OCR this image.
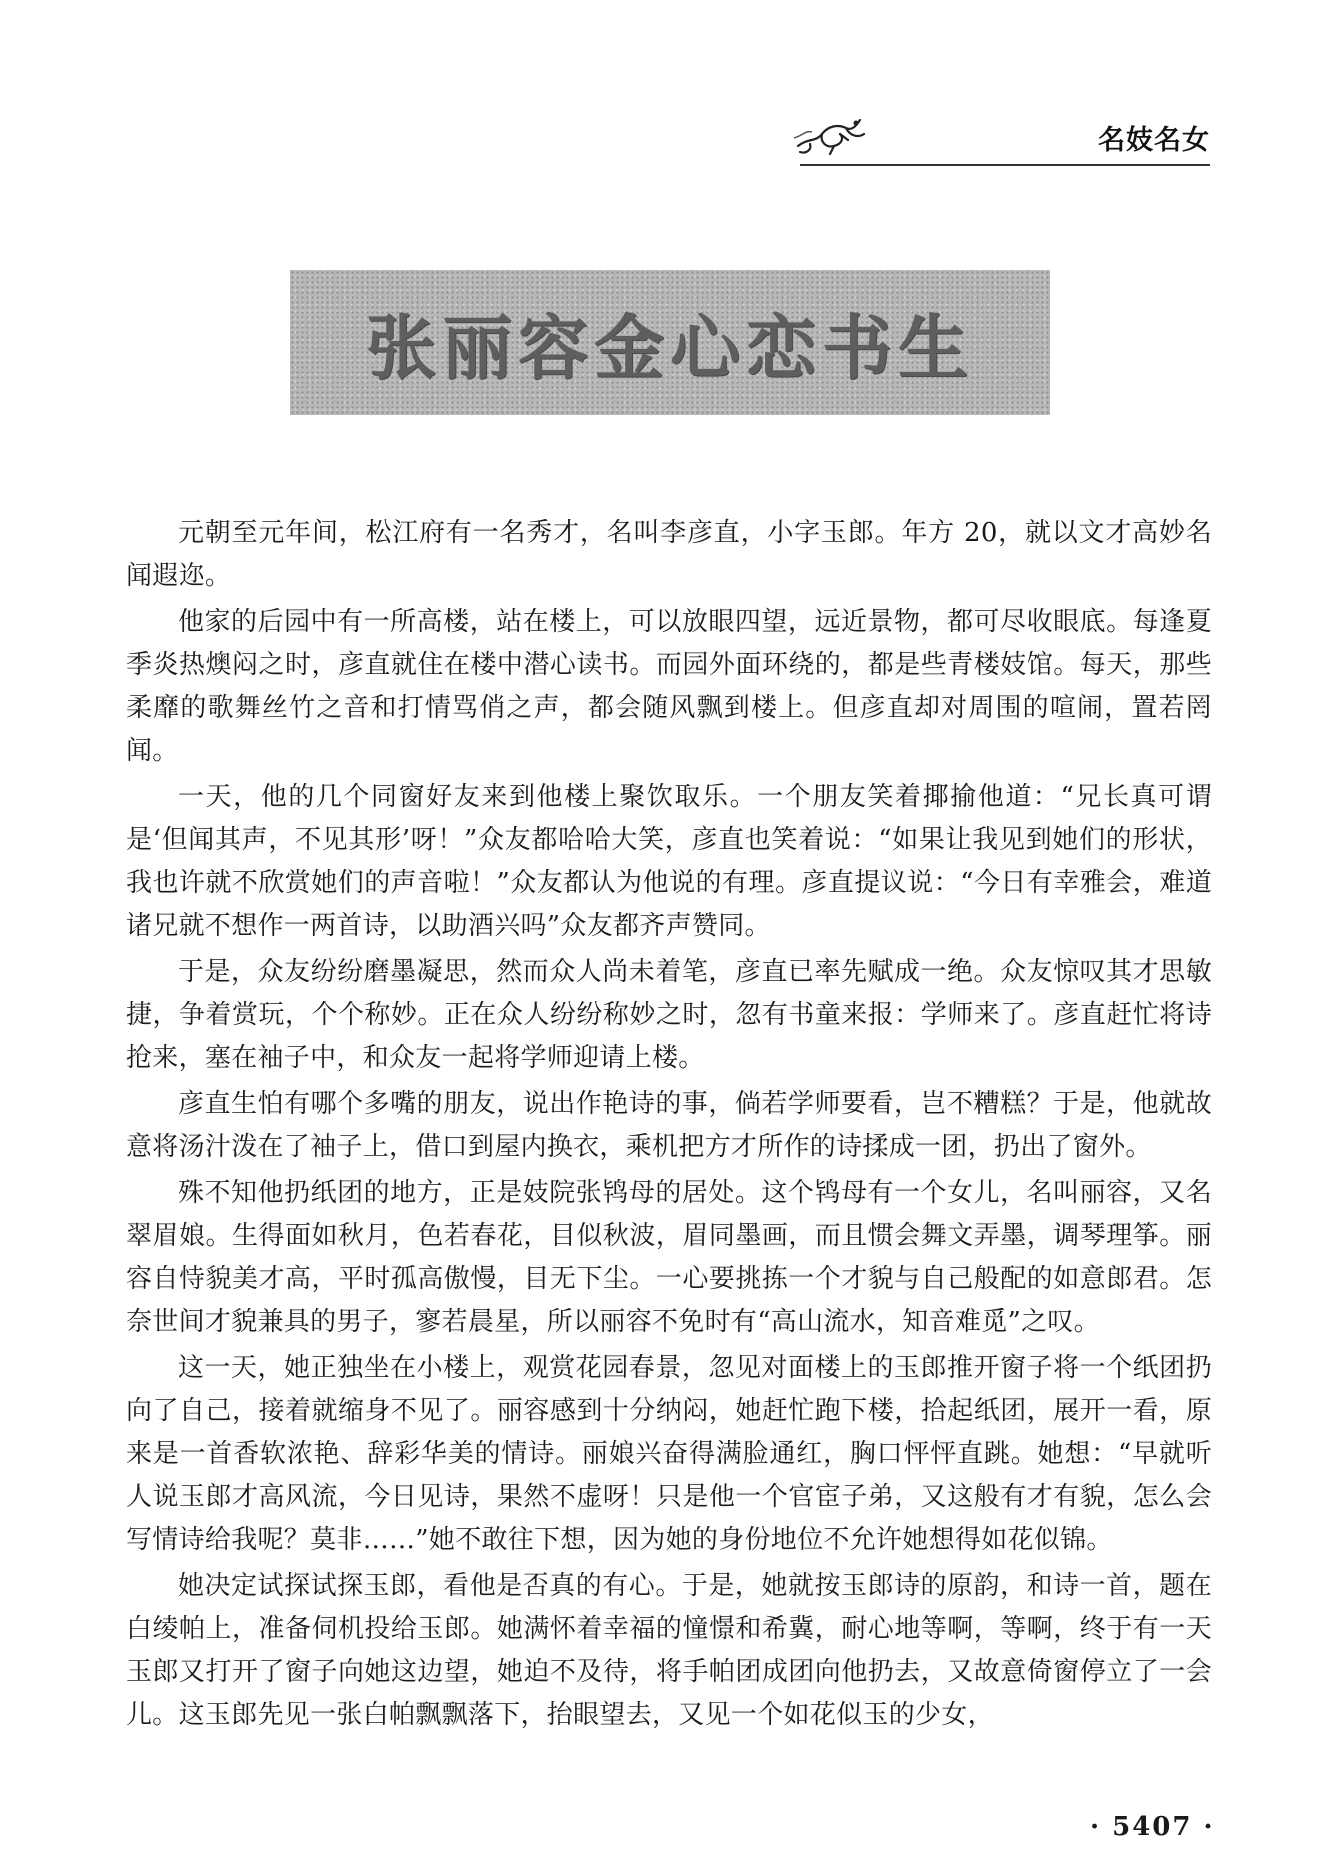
名妓名女
张丽容金心恋书生

元朝至元年间，松江府有一名秀才，名叫李彦直，小字玉郎。年方 20，就以文才高妙名闻遐迩。

他家的后园中有一所高楼，站在楼上，可以放眼四望，远近景物，都可尽收眼底。每逢夏季炎热燠闷之时，彦直就住在楼中潜心读书。而园外面环绕的，都是些青楼妓馆。每天，那些柔靡的歌舞丝竹之音和打情骂俏之声，都会随风飘到楼上。但彦直却对周围的喧闹，置若罔闻。

一天，他的几个同窗好友来到他楼上聚饮取乐。一个朋友笑着揶揄他道：“兄长真可谓是‘但闻其声，不见其形’呀！”众友都哈哈大笑，彦直也笑着说：“如果让我见到她们的形状，我也许就不欣赏她们的声音啦！”众友都认为他说的有理。彦直提议说：“今日有幸雅会，难道诸兄就不想作一两首诗，以助酒兴吗”众友都齐声赞同。

于是，众友纷纷磨墨凝思，然而众人尚未着笔，彦直已率先赋成一绝。众友惊叹其才思敏捷，争着赏玩，个个称妙。正在众人纷纷称妙之时，忽有书童来报：学师来了。彦直赶忙将诗抢来，塞在袖子中，和众友一起将学师迎请上楼。

彦直生怕有哪个多嘴的朋友，说出作艳诗的事，倘若学师要看，岂不糟糕？于是，他就故意将汤汁泼在了袖子上，借口到屋内换衣，乘机把方才所作的诗揉成一团，扔出了窗外。

殊不知他扔纸团的地方，正是妓院张鸨母的居处。这个鸨母有一个女儿，名叫丽容，又名翠眉娘。生得面如秋月，色若春花，目似秋波，眉同墨画，而且惯会舞文弄墨，调琴理筝。丽容自恃貌美才高，平时孤高傲慢，目无下尘。一心要挑拣一个才貌与自己般配的如意郎君。怎奈世间才貌兼具的男子，寥若晨星，所以丽容不免时有“高山流水，知音难觅”之叹。

这一天，她正独坐在小楼上，观赏花园春景，忽见对面楼上的玉郎推开窗子将一个纸团扔向了自己，接着就缩身不见了。丽容感到十分纳闷，她赶忙跑下楼，拾起纸团，展开一看，原来是一首香软浓艳、辞彩华美的情诗。丽娘兴奋得满脸通红，胸口怦怦直跳。她想：“早就听人说玉郎才高风流，今日见诗，果然不虚呀！只是他一个官宦子弟，又这般有才有貌，怎么会写情诗给我呢？莫非……”她不敢往下想，因为她的身份地位不允许她想得如花似锦。

她决定试探试探玉郎，看他是否真的有心。于是，她就按玉郎诗的原韵，和诗一首，题在白绫帕上，准备伺机投给玉郎。她满怀着幸福的憧憬和希冀，耐心地等啊，等啊，终于有一天玉郎又打开了窗子向她这边望，她迫不及待，将手帕团成团向他扔去，又故意倚窗停立了一会儿。这玉郎先见一张白帕飘飘落下，抬眼望去，又见一个如花似玉的少女，

· 5407 ·
